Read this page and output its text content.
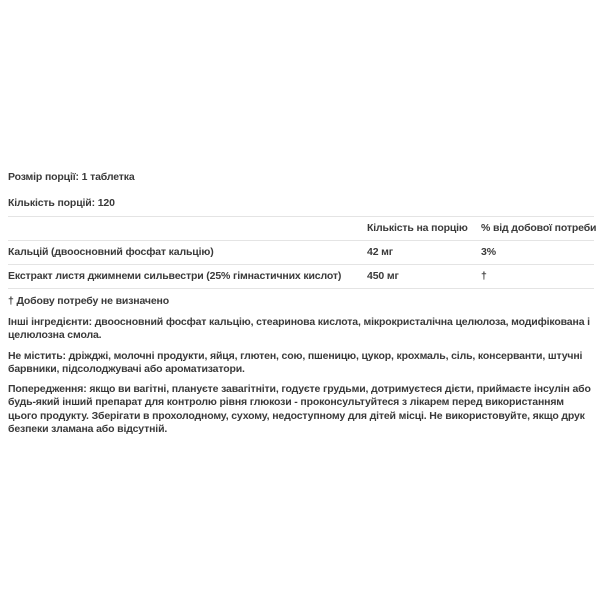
Розмір порції: 1 таблетка
Кількість порцій: 120
	Кількість на порцію	% від добової потреби
Кальцій (двоосновний фосфат кальцію)	42 мг	3%
Екстракт листя джимнеми сильвестри (25% гімнастичних кислот)	450 мг	†
† Добову потребу не визначено

Інші інгредієнти: двоосновний фосфат кальцію, стеаринова кислота, мікрокристалічна целюлоза, модифікована і целюлозна смола.

Не містить: дріжджі, молочні продукти, яйця, глютен, сою, пшеницю, цукор, крохмаль, сіль, консерванти, штучні барвники, підсолоджувачі або ароматизатори.

Попередження: якщо ви вагітні, плануєте завагітніти, годуєте грудьми, дотримуєтеся дієти, приймаєте інсулін або будь-який інший препарат для контролю рівня глюкози - проконсультуйтеся з лікарем перед використанням цього продукту. Зберігати в прохолодному, сухому, недоступному для дітей місці. Не використовуйте, якщо друк безпеки зламана або відсутній.
